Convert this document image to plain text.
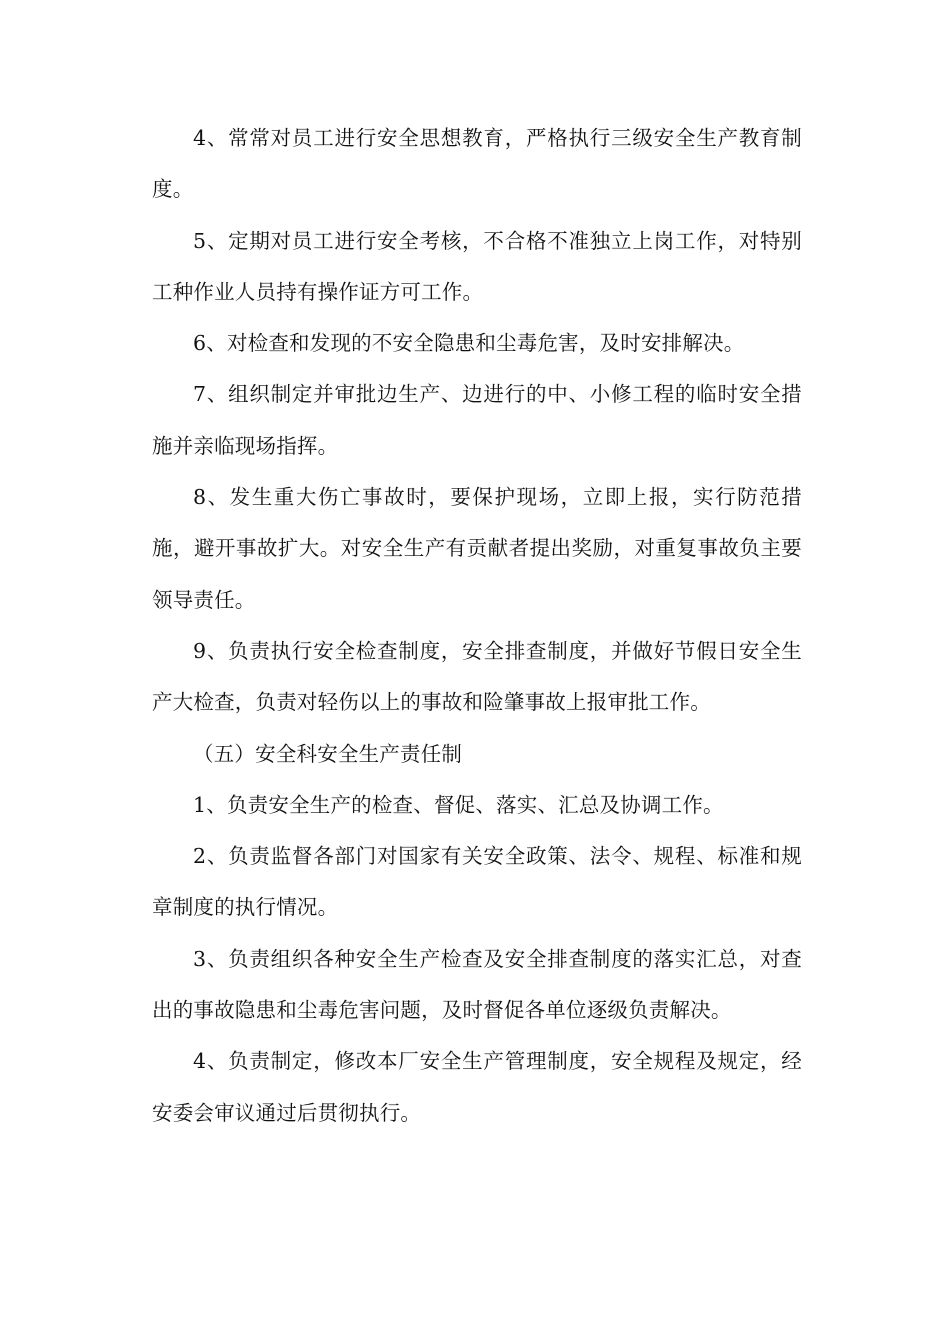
4、常常对员工进行安全思想教育，严格执行三级安全生产教育制度。

5、定期对员工进行安全考核，不合格不准独立上岗工作，对特别工种作业人员持有操作证方可工作。

6、对检查和发现的不安全隐患和尘毒危害，及时安排解决。

7、组织制定并审批边生产、边进行的中、小修工程的临时安全措施并亲临现场指挥。

8、发生重大伤亡事故时，要保护现场，立即上报，实行防范措施，避开事故扩大。对安全生产有贡献者提出奖励，对重复事故负主要领导责任。

9、负责执行安全检查制度，安全排查制度，并做好节假日安全生产大检查，负责对轻伤以上的事故和险肇事故上报审批工作。

（五）安全科安全生产责任制

1、负责安全生产的检查、督促、落实、汇总及协调工作。

2、负责监督各部门对国家有关安全政策、法令、规程、标准和规章制度的执行情况。

3、负责组织各种安全生产检查及安全排查制度的落实汇总，对查出的事故隐患和尘毒危害问题，及时督促各单位逐级负责解决。

4、负责制定，修改本厂安全生产管理制度，安全规程及规定，经安委会审议通过后贯彻执行。
